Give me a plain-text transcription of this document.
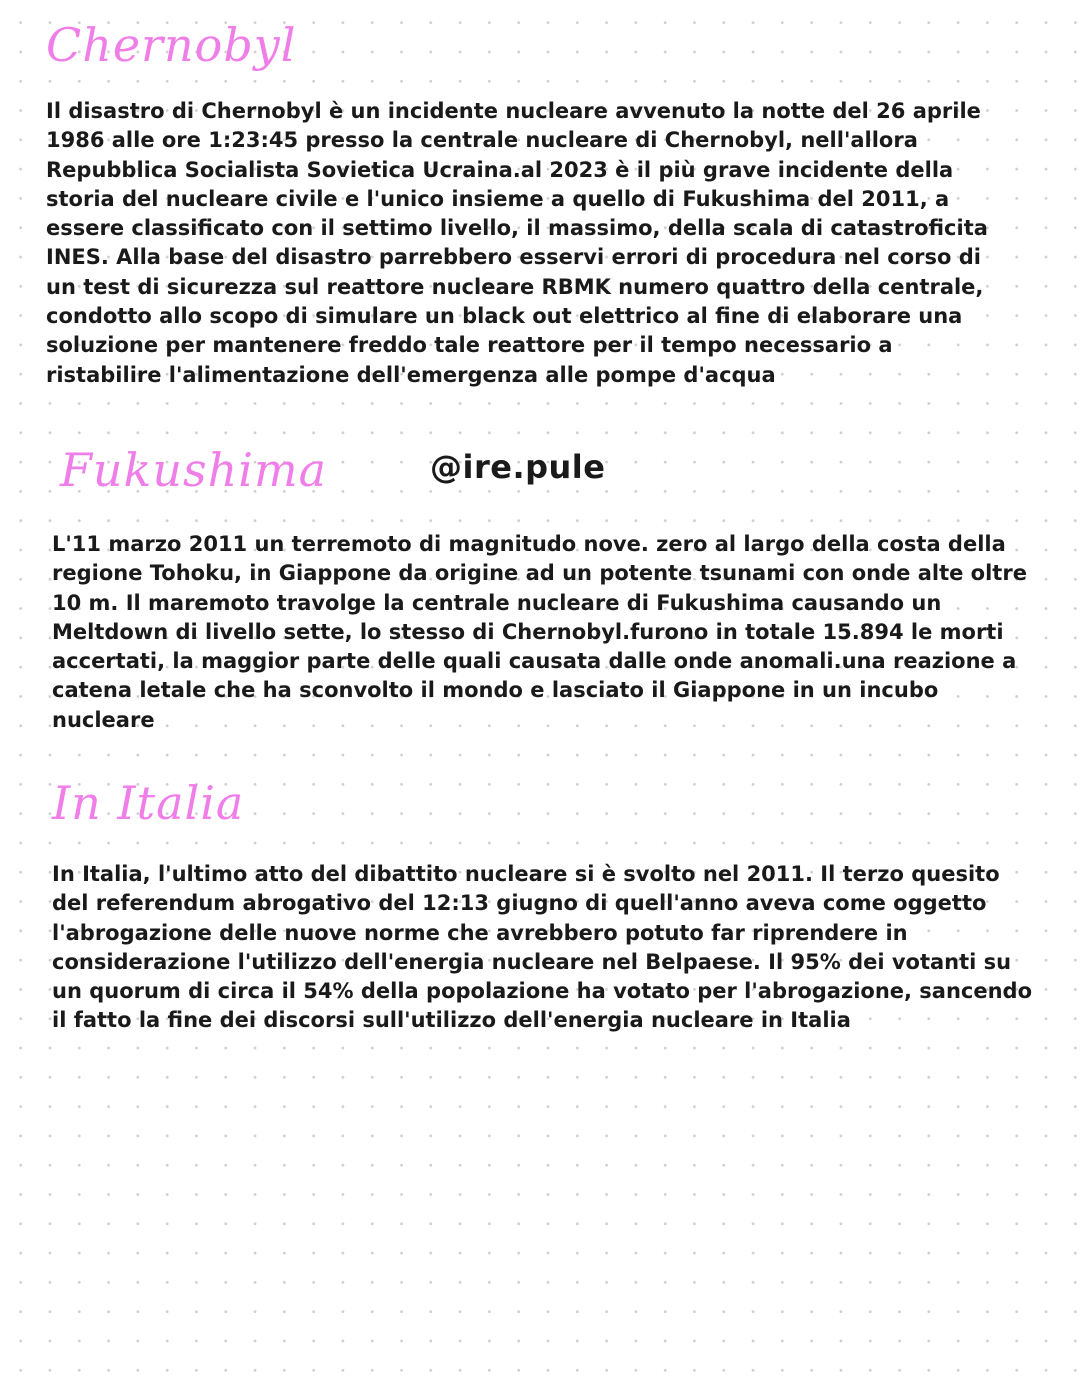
Chernobyl

Il disastro di Chernobyl è un incidente nucleare avvenuto la notte del 26 aprile 1986 alle ore 1:23:45 presso la centrale nucleare di Chernobyl, nell'allora Repubblica Socialista Sovietica Ucraina.al 2023 è il più grave incidente della storia del nucleare civile e l'unico insieme a quello di Fukushima del 2011, a essere classificato con il settimo livello, il massimo, della scala di catastroficita INES. Alla base del disastro parrebbero esservi errori di procedura nel corso di un test di sicurezza sul reattore nucleare RBMK numero quattro della centrale, condotto allo scopo di simulare un black out elettrico al fine di elaborare una soluzione per mantenere freddo tale reattore per il tempo necessario a ristabilire l'alimentazione dell'emergenza alle pompe d'acqua

Fukushima	@ire.pule

L'11 marzo 2011 un terremoto di magnitudo nove. zero al largo della costa della regione Tohoku, in Giappone da origine ad un potente tsunami con onde alte oltre 10 m. Il maremoto travolge la centrale nucleare di Fukushima causando un Meltdown di livello sette, lo stesso di Chernobyl.furono in totale 15.894 le morti accertati, la maggior parte delle quali causata dalle onde anomali.una reazione a catena letale che ha sconvolto il mondo e lasciato il Giappone in un incubo nucleare

In Italia

In Italia, l'ultimo atto del dibattito nucleare si è svolto nel 2011. Il terzo quesito del referendum abrogativo del 12:13 giugno di quell'anno aveva come oggetto l'abrogazione delle nuove norme che avrebbero potuto far riprendere in considerazione l'utilizzo dell'energia nucleare nel Belpaese. Il 95% dei votanti su un quorum di circa il 54% della popolazione ha votato per l'abrogazione, sancendo il fatto la fine dei discorsi sull'utilizzo dell'energia nucleare in Italia
